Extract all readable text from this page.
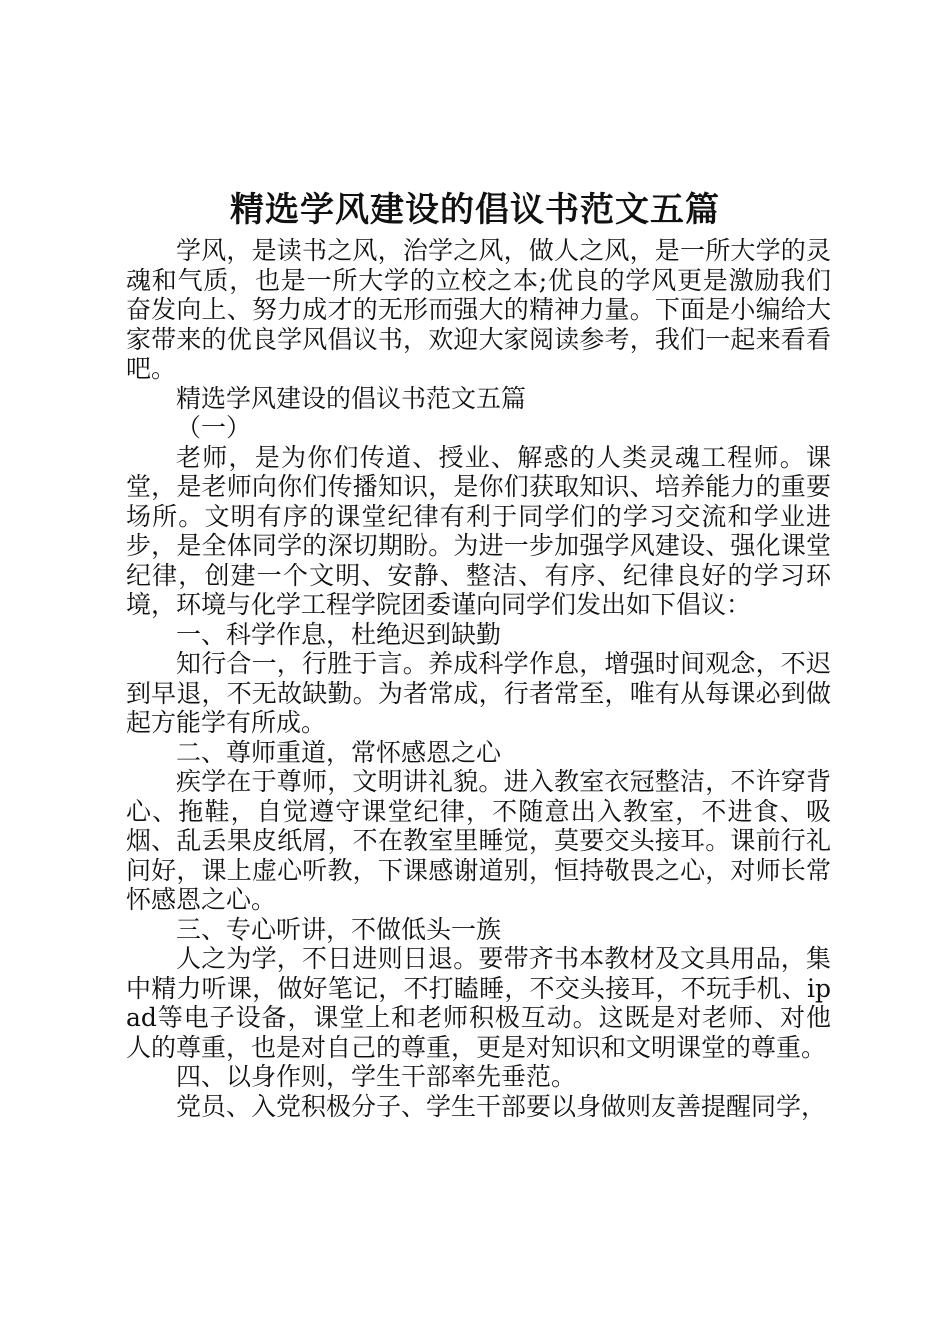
精选学风建设的倡议书范文五篇

学风，是读书之风，治学之风，做人之风，是一所大学的灵魂和气质，也是一所大学的立校之本;优良的学风更是激励我们奋发向上、努力成才的无形而强大的精神力量。下面是小编给大家带来的优良学风倡议书，欢迎大家阅读参考，我们一起来看看吧。

精选学风建设的倡议书范文五篇

（一）

老师，是为你们传道、授业、解惑的人类灵魂工程师。课堂，是老师向你们传播知识，是你们获取知识、培养能力的重要场所。文明有序的课堂纪律有利于同学们的学习交流和学业进步，是全体同学的深切期盼。为进一步加强学风建设、强化课堂纪律，创建一个文明、安静、整洁、有序、纪律良好的学习环境，环境与化学工程学院团委谨向同学们发出如下倡议：

一、科学作息，杜绝迟到缺勤

知行合一，行胜于言。养成科学作息，增强时间观念，不迟到早退，不无故缺勤。为者常成，行者常至，唯有从每课必到做起方能学有所成。

二、尊师重道，常怀感恩之心

疾学在于尊师，文明讲礼貌。进入教室衣冠整洁，不许穿背心、拖鞋，自觉遵守课堂纪律，不随意出入教室，不进食、吸烟、乱丢果皮纸屑，不在教室里睡觉，莫要交头接耳。课前行礼问好，课上虚心听教，下课感谢道别，恒持敬畏之心，对师长常怀感恩之心。

三、专心听讲，不做低头一族

人之为学，不日进则日退。要带齐书本教材及文具用品，集中精力听课，做好笔记，不打瞌睡，不交头接耳，不玩手机、ipad等电子设备，课堂上和老师积极互动。这既是对老师、对他人的尊重，也是对自己的尊重，更是对知识和文明课堂的尊重。

四、以身作则，学生干部率先垂范。

党员、入党积极分子、学生干部要以身做则友善提醒同学，
